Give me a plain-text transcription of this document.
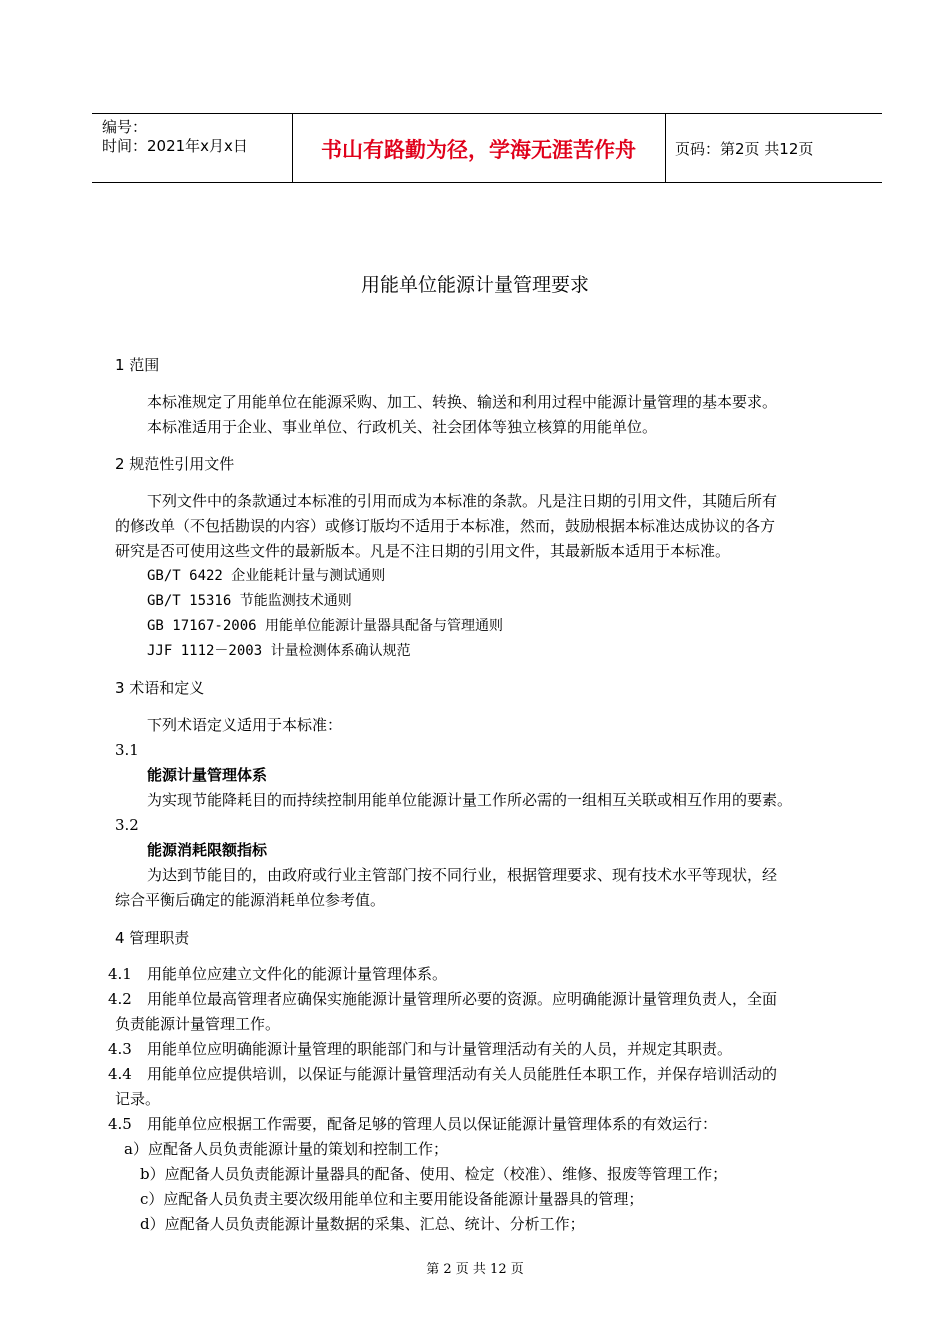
编号：
时间：2021年x月x日	书山有路勤为径，学海无涯苦作舟	页码：第2页 共12页
用能单位能源计量管理要求
1 范围
本标准规定了用能单位在能源采购、加工、转换、输送和利用过程中能源计量管理的基本要求。
本标准适用于企业、事业单位、行政机关、社会团体等独立核算的用能单位。
2 规范性引用文件
下列文件中的条款通过本标准的引用而成为本标准的条款。凡是注日期的引用文件，其随后所有
的修改单（不包括勘误的内容）或修订版均不适用于本标准，然而，鼓励根据本标准达成协议的各方
研究是否可使用这些文件的最新版本。凡是不注日期的引用文件，其最新版本适用于本标准。
GB/T 6422 企业能耗计量与测试通则
GB/T 15316 节能监测技术通则
GB 17167-2006 用能单位能源计量器具配备与管理通则
JJF 1112－2003 计量检测体系确认规范
3 术语和定义
下列术语定义适用于本标准：
3.1
能源计量管理体系
为实现节能降耗目的而持续控制用能单位能源计量工作所必需的一组相互关联或相互作用的要素。
3.2
能源消耗限额指标
为达到节能目的，由政府或行业主管部门按不同行业，根据管理要求、现有技术水平等现状，经
综合平衡后确定的能源消耗单位参考值。
4 管理职责
4.1 用能单位应建立文件化的能源计量管理体系。
4.2 用能单位最高管理者应确保实施能源计量管理所必要的资源。应明确能源计量管理负责人，全面
负责能源计量管理工作。
4.3 用能单位应明确能源计量管理的职能部门和与计量管理活动有关的人员，并规定其职责。
4.4 用能单位应提供培训，以保证与能源计量管理活动有关人员能胜任本职工作，并保存培训活动的
记录。
4.5 用能单位应根据工作需要，配备足够的管理人员以保证能源计量管理体系的有效运行：
a）应配备人员负责能源计量的策划和控制工作；
b）应配备人员负责能源计量器具的配备、使用、检定（校准）、维修、报废等管理工作；
c）应配备人员负责主要次级用能单位和主要用能设备能源计量器具的管理；
d）应配备人员负责能源计量数据的采集、汇总、统计、分析工作；
第 2 页 共 12 页
